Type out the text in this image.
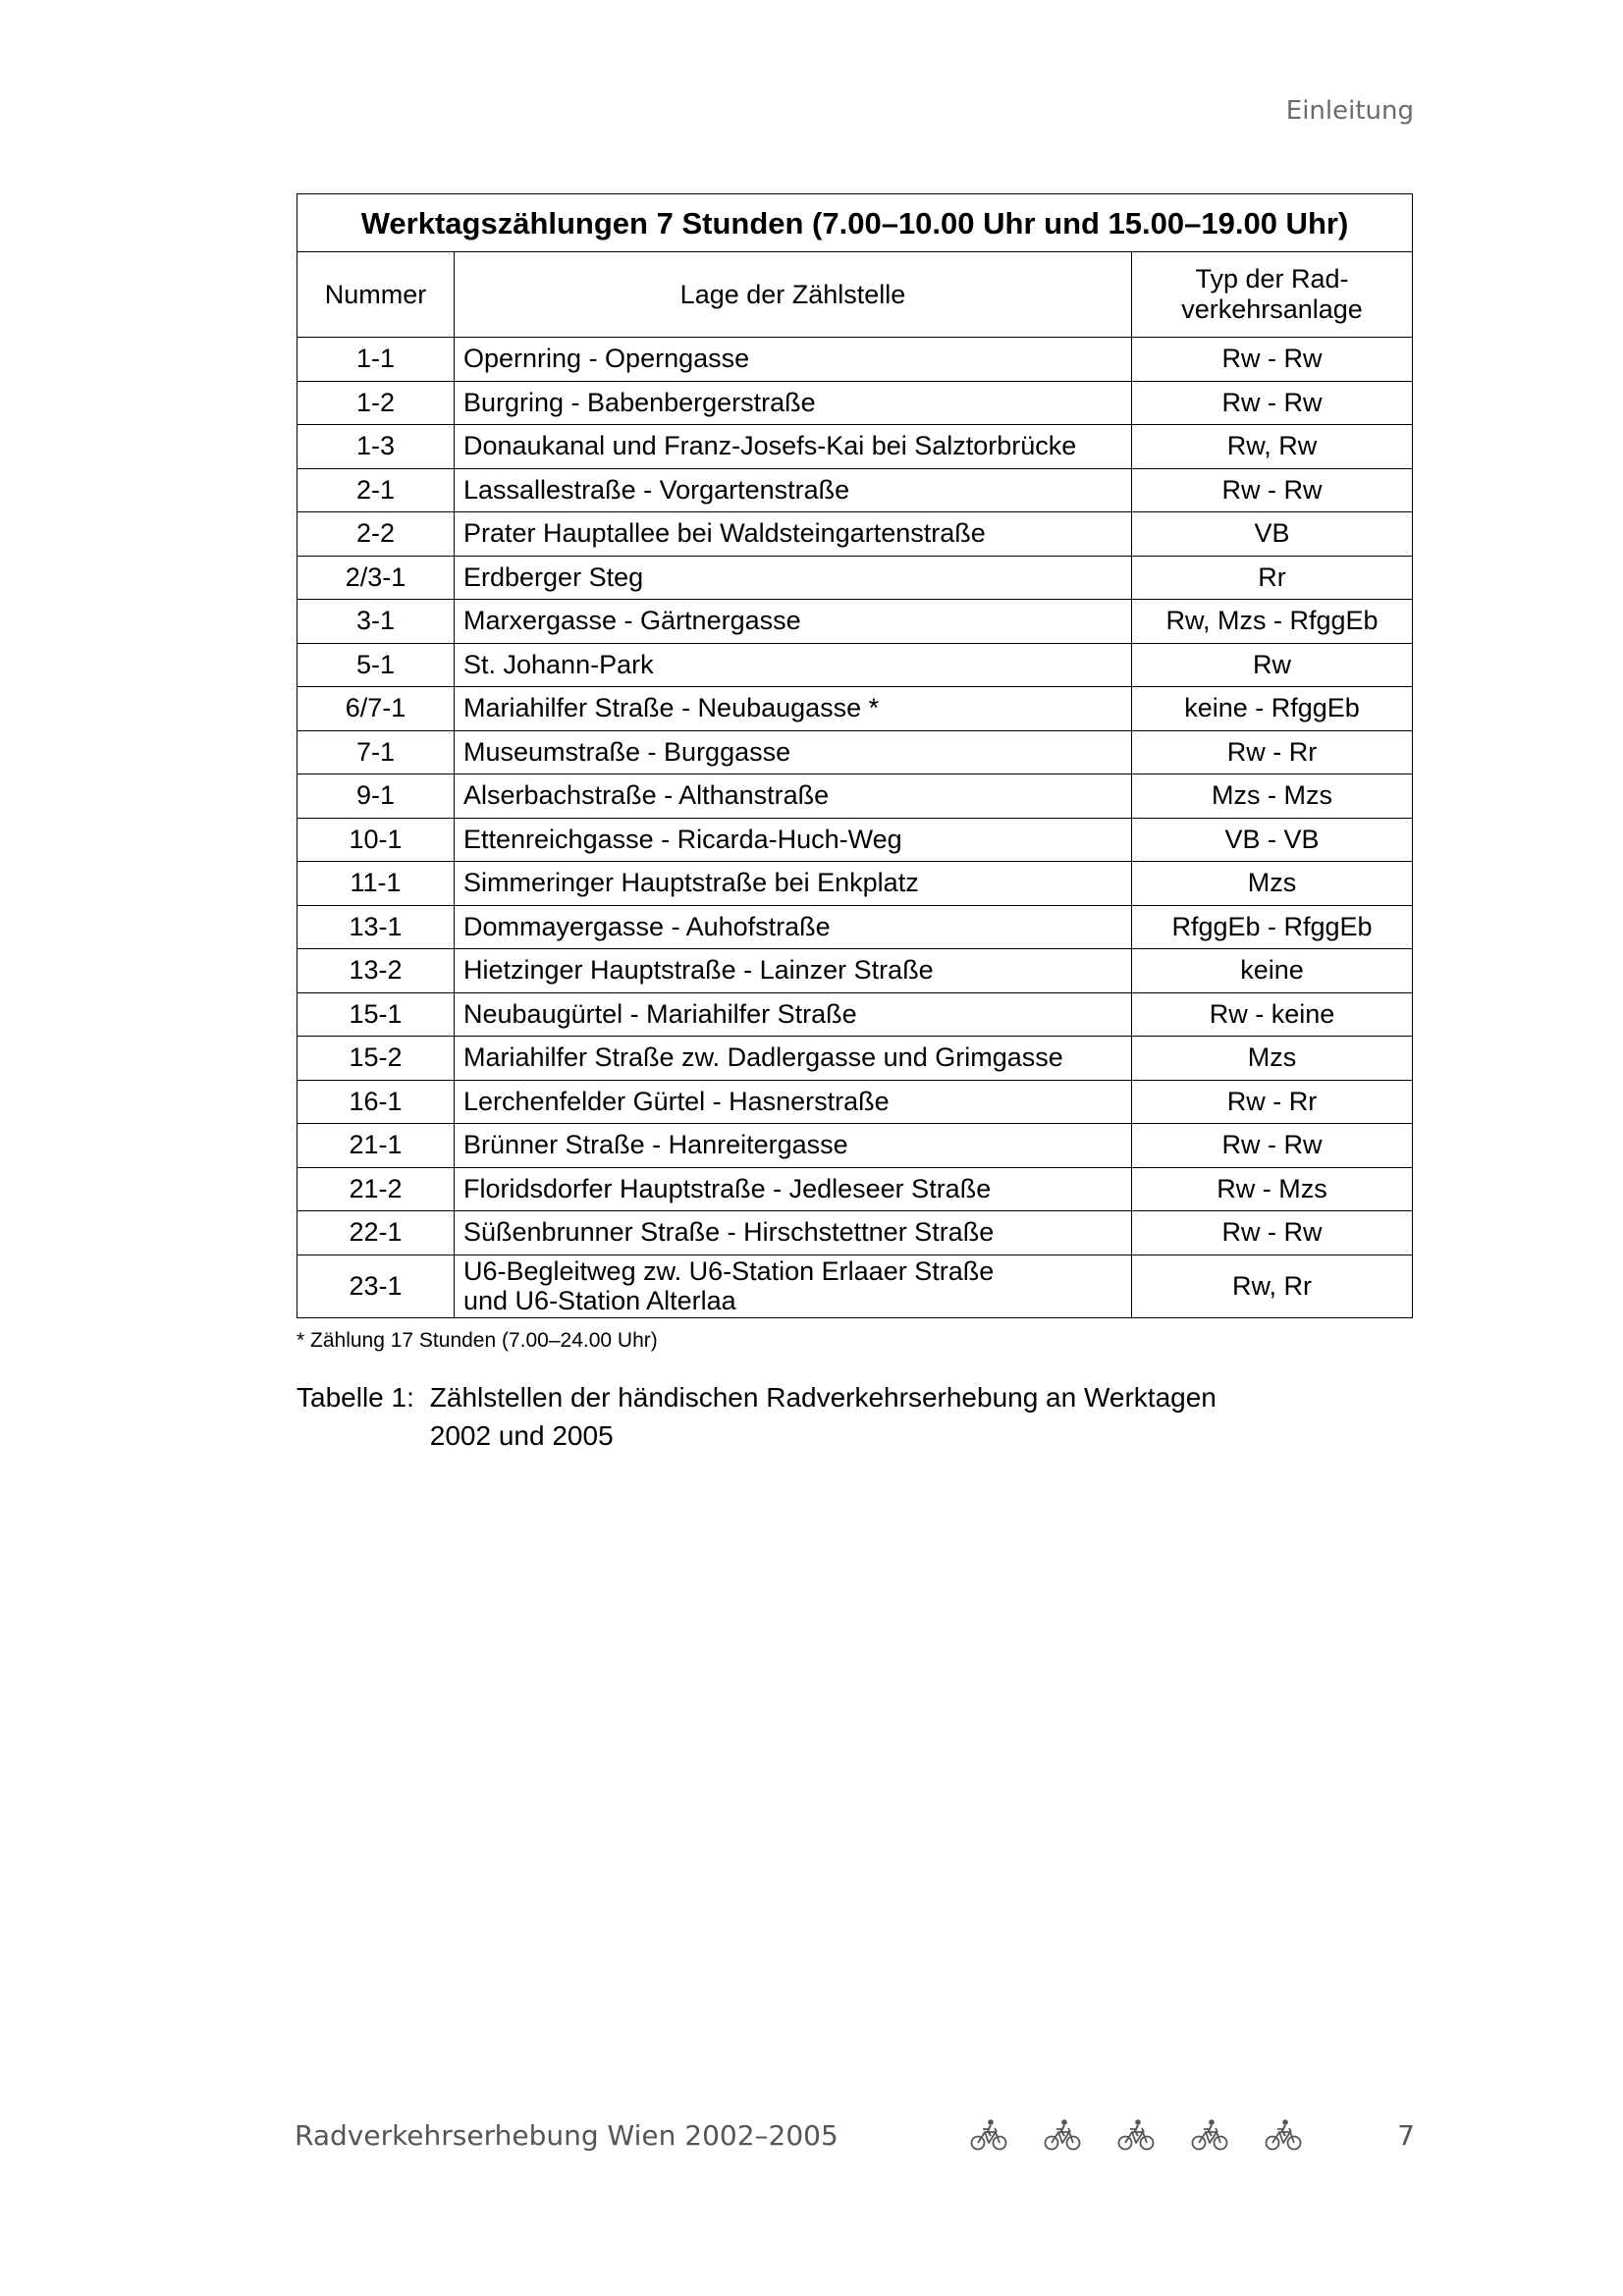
Einleitung
Werktagszählungen 7 Stunden (7.00–10.00 Uhr und 15.00–19.00 Uhr)		
Nummer	Lage der Zählstelle	Typ der Rad-
verkehrsanlage
1-1	Opernring - Operngasse	Rw - Rw
1-2	Burgring - Babenbergerstraße	Rw - Rw
1-3	Donaukanal und Franz-Josefs-Kai bei Salztorbrücke	Rw, Rw
2-1	Lassallestraße - Vorgartenstraße	Rw - Rw
2-2	Prater Hauptallee bei Waldsteingartenstraße	VB
2/3-1	Erdberger Steg	Rr
3-1	Marxergasse - Gärtnergasse	Rw, Mzs - RfggEb
5-1	St. Johann-Park	Rw
6/7-1	Mariahilfer Straße - Neubaugasse *	keine - RfggEb
7-1	Museumstraße - Burggasse	Rw - Rr
9-1	Alserbachstraße - Althanstraße	Mzs - Mzs
10-1	Ettenreichgasse - Ricarda-Huch-Weg	VB - VB
11-1	Simmeringer Hauptstraße bei Enkplatz	Mzs
13-1	Dommayergasse - Auhofstraße	RfggEb - RfggEb
13-2	Hietzinger Hauptstraße - Lainzer Straße	keine
15-1	Neubaugürtel - Mariahilfer Straße	Rw - keine
15-2	Mariahilfer Straße zw. Dadlergasse und Grimgasse	Mzs
16-1	Lerchenfelder Gürtel - Hasnerstraße	Rw - Rr
21-1	Brünner Straße - Hanreitergasse	Rw - Rw
21-2	Floridsdorfer Hauptstraße - Jedleseer Straße	Rw - Mzs
22-1	Süßenbrunner Straße - Hirschstettner Straße	Rw - Rw
23-1	U6-Begleitweg zw. U6-Station Erlaaer Straße
und U6-Station Alterlaa	Rw, Rr
* Zählung 17 Stunden (7.00–24.00 Uhr)
Tabelle 1: Zählstellen der händischen Radverkehrserhebung an Werktagen
2002 und 2005
Radverkehrserhebung Wien 2002–2005	7
